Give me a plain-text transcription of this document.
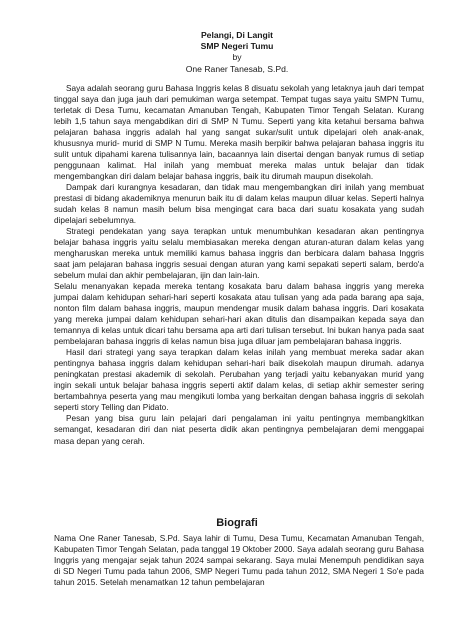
Pelangi, Di Langit
SMP Negeri Tumu
by
One Raner Tanesab, S.Pd.

Saya adalah seorang guru Bahasa Inggris kelas 8 disuatu sekolah yang letaknya jauh dari tempat tinggal saya dan juga jauh dari pemukiman warga setempat. Tempat tugas saya yaitu SMPN Tumu, terletak di Desa Tumu, kecamatan Amanuban Tengah, Kabupaten Timor Tengah Selatan. Kurang lebih 1,5 tahun saya mengabdikan diri di SMP N Tumu. Seperti yang kita ketahui bersama bahwa pelajaran bahasa inggris adalah hal yang sangat sukar/sulit untuk dipelajari oleh anak-anak, khususnya murid- murid di SMP N Tumu. Mereka masih berpikir bahwa pelajaran bahasa inggris itu sulit untuk dipahami karena tulisannya lain, bacaannya lain disertai dengan banyak rumus di setiap penggunaan kalimat. Hal inilah yang membuat mereka malas untuk belajar dan tidak mengembangkan diri dalam belajar bahasa inggris, baik itu dirumah maupun disekolah.

Dampak dari kurangnya kesadaran, dan tidak mau mengembangkan diri inilah yang membuat prestasi di bidang akademiknya menurun baik itu di dalam kelas maupun diluar kelas. Seperti halnya sudah kelas 8 namun masih belum bisa mengingat cara baca dari suatu kosakata yang sudah dipelajari sebelumnya.

Strategi pendekatan yang saya terapkan untuk menumbuhkan kesadaran akan pentingnya belajar bahasa inggris yaitu selalu membiasakan mereka dengan aturan-aturan dalam kelas yang mengharuskan mereka untuk memiliki kamus bahasa inggris dan berbicara dalam bahasa Inggris saat jam pelajaran bahasa inggris sesuai dengan aturan yang kami sepakati seperti salam, berdo'a sebelum mulai dan akhir pembelajaran, ijin dan lain-lain.

Selalu menanyakan kepada mereka tentang kosakata baru dalam bahasa inggris yang mereka jumpai dalam kehidupan sehari-hari seperti kosakata atau tulisan yang ada pada barang apa saja, nonton film dalam bahasa inggris, maupun mendengar musik dalam bahasa inggris. Dari kosakata yang mereka jumpai dalam kehidupan sehari-hari akan ditulis dan disampaikan kepada saya dan temannya di kelas untuk dicari tahu bersama apa arti dari tulisan tersebut. Ini bukan hanya pada saat pembelajaran bahasa inggris di kelas namun bisa juga diluar jam pembelajaran bahasa inggris.

Hasil dari strategi yang saya terapkan dalam kelas inilah yang membuat mereka sadar akan pentingnya bahasa inggris dalam kehidupan sehari-hari baik disekolah maupun dirumah. adanya peningkatan prestasi akademik di sekolah. Perubahan yang terjadi yaitu kebanyakan murid yang ingin sekali untuk belajar bahasa inggris seperti aktif dalam kelas, di setiap akhir semester sering bertambahnya peserta yang mau mengikuti lomba yang berkaitan dengan bahasa inggris di sekolah seperti story Telling dan Pidato.

Pesan yang bisa guru lain pelajari dari pengalaman ini yaitu pentingnya membangkitkan semangat, kesadaran diri dan niat peserta didik akan pentingnya pembelajaran demi menggapai masa depan yang cerah.

Biografi

Nama One Raner Tanesab, S.Pd. Saya lahir di Tumu, Desa Tumu, Kecamatan Amanuban Tengah, Kabupaten Timor Tengah Selatan, pada tanggal 19 Oktober 2000. Saya adalah seorang guru Bahasa Inggris yang mengajar sejak tahun 2024 sampai sekarang. Saya mulai Menempuh pendidikan saya di SD Negeri Tumu pada tahun 2006, SMP Negeri Tumu pada tahun 2012, SMA Negeri 1 So'e pada tahun 2015. Setelah menamatkan 12 tahun pembelajaran
